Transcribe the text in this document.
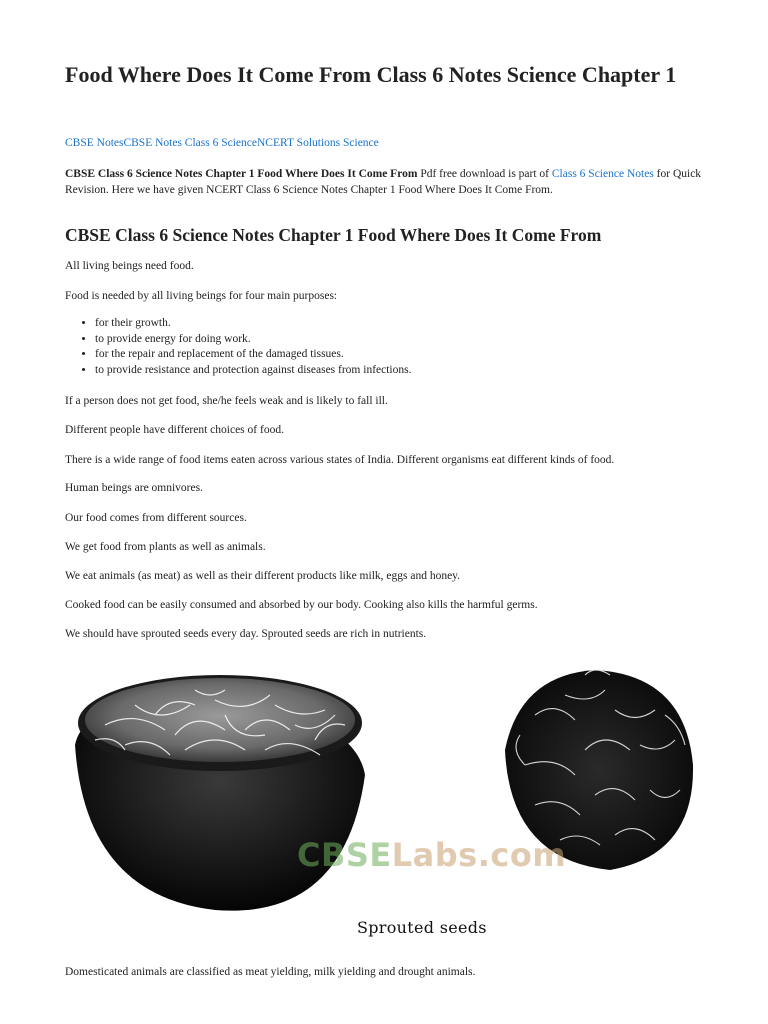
Food Where Does It Come From Class 6 Notes Science Chapter 1
CBSE NotesCBSE Notes Class 6 ScienceNCERT Solutions Science

CBSE Class 6 Science Notes Chapter 1 Food Where Does It Come From Pdf free download is part of Class 6 Science Notes for Quick Revision. Here we have given NCERT Class 6 Science Notes Chapter 1 Food Where Does It Come From.

CBSE Class 6 Science Notes Chapter 1 Food Where Does It Come From

All living beings need food.

Food is needed by all living beings for four main purposes:

• for their growth.
• to provide energy for doing work.
• for the repair and replacement of the damaged tissues.
• to provide resistance and protection against diseases from infections.

If a person does not get food, she/he feels weak and is likely to fall ill.

Different people have different choices of food.

There is a wide range of food items eaten across various states of India. Different organisms eat different kinds of food.

Human beings are omnivores.

Our food comes from different sources.

We get food from plants as well as animals.

We eat animals (as meat) as well as their different products like milk, eggs and honey.

Cooked food can be easily consumed and absorbed by our body. Cooking also kills the harmful germs.

We should have sprouted seeds every day. Sprouted seeds are rich in nutrients.

Domesticated animals are classified as meat yielding, milk yielding and drought animals.

CBSELabs.com
Sprouted seeds
